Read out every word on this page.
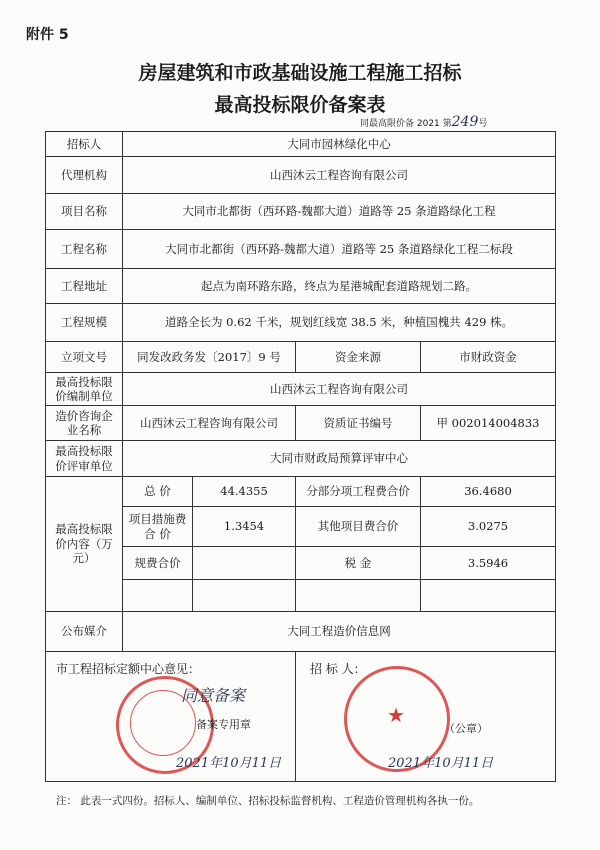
附件 5
房屋建筑和市政基础设施工程施工招标
最高投标限价备案表
同最高限价备 2021 第249号
招标人	大同市园林绿化中心			
代理机构	山西沐云工程咨询有限公司			
项目名称	大同市北都街（西环路-魏都大道）道路等 25 条道路绿化工程			
工程名称	大同市北都街（西环路-魏都大道）道路等 25 条道路绿化工程二标段			
工程地址	起点为南环路东路，终点为星港城配套道路规划二路。			
工程规模	道路全长为 0.62 千米，规划红线宽 38.5 米，种植国槐共 429 株。			
立项文号	同发改政务发〔2017〕9 号		资金来源	市财政资金
最高投标限价编制单位	山西沐云工程咨询有限公司			
造价咨询企业名称	山西沐云工程咨询有限公司		资质证书编号	甲 002014004833
最高投标限价评审单位	大同市财政局预算评审中心			
最高投标限价内容（万元）	总 价	44.4355	分部分项工程费合价	36.4680
	项目措施费合 价	1.3454	其他项目费合价	3.0275
	规费合价		税 金	3.5946

公布媒介	大同工程造价信息网			

市工程招标定额中心意见：
同意备案
备案专用章
2021年10月11日			招 标 人：
★
（公章）
2021年10月11日	
注： 此表一式四份。招标人、编制单位、招标投标监督机构、工程造价管理机构各执一份。
